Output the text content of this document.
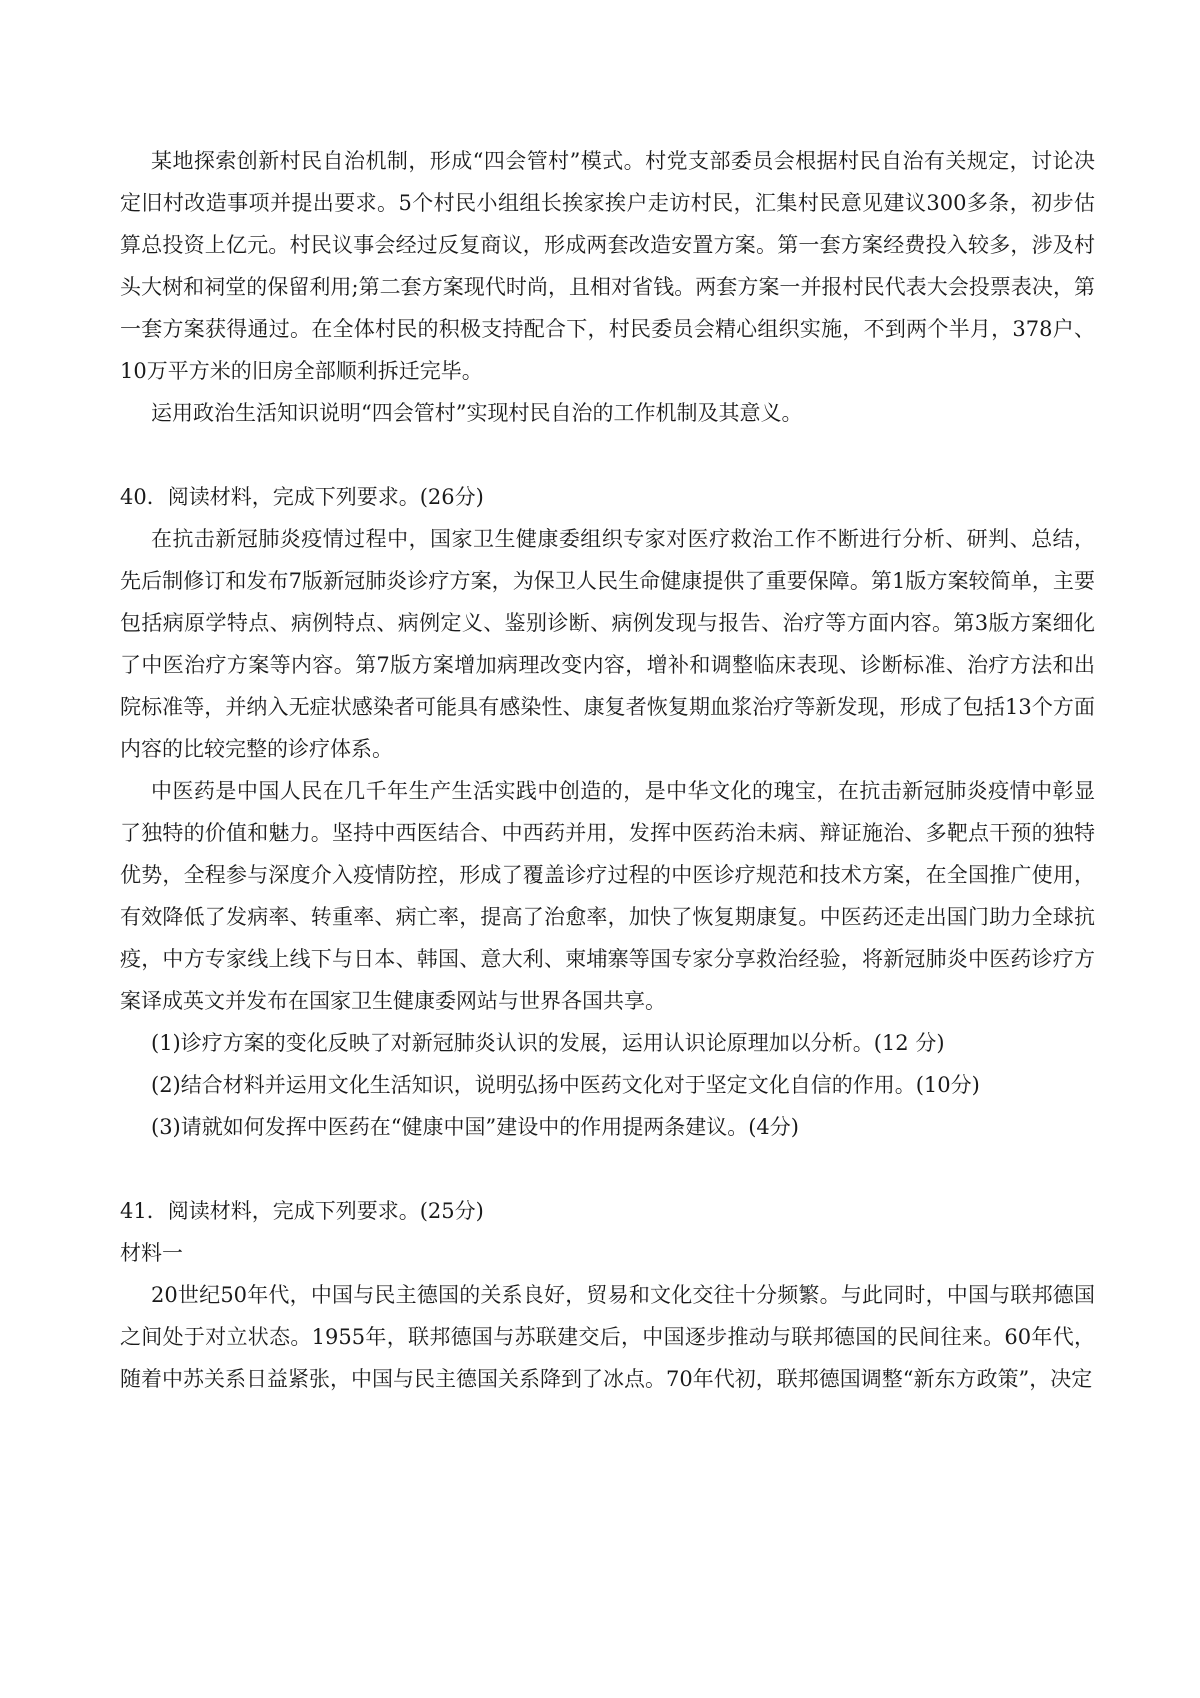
某地探索创新村民自治机制，形成“四会管村”模式。村党支部委员会根据村民自治有关规定，讨论决定旧村改造事项并提出要求。5个村民小组组长挨家挨户走访村民，汇集村民意见建议300多条，初步估算总投资上亿元。村民议事会经过反复商议，形成两套改造安置方案。第一套方案经费投入较多，涉及村头大树和祠堂的保留利用;第二套方案现代时尚，且相对省钱。两套方案一并报村民代表大会投票表决，第一套方案获得通过。在全体村民的积极支持配合下，村民委员会精心组织实施，不到两个半月，378户、10万平方米的旧房全部顺利拆迁完毕。

运用政治生活知识说明“四会管村”实现村民自治的工作机制及其意义。

40．阅读材料，完成下列要求。(26分)

在抗击新冠肺炎疫情过程中，国家卫生健康委组织专家对医疗救治工作不断进行分析、研判、总结，先后制修订和发布7版新冠肺炎诊疗方案，为保卫人民生命健康提供了重要保障。第1版方案较简单，主要包括病原学特点、病例特点、病例定义、鉴别诊断、病例发现与报告、治疗等方面内容。第3版方案细化了中医治疗方案等内容。第7版方案增加病理改变内容，增补和调整临床表现、诊断标准、治疗方法和出院标准等，并纳入无症状感染者可能具有感染性、康复者恢复期血浆治疗等新发现，形成了包括13个方面内容的比较完整的诊疗体系。

中医药是中国人民在几千年生产生活实践中创造的，是中华文化的瑰宝，在抗击新冠肺炎疫情中彰显了独特的价值和魅力。坚持中西医结合、中西药并用，发挥中医药治未病、辩证施治、多靶点干预的独特优势，全程参与深度介入疫情防控，形成了覆盖诊疗过程的中医诊疗规范和技术方案，在全国推广使用，有效降低了发病率、转重率、病亡率，提高了治愈率，加快了恢复期康复。中医药还走出国门助力全球抗疫，中方专家线上线下与日本、韩国、意大利、柬埔寨等国专家分享救治经验，将新冠肺炎中医药诊疗方案译成英文并发布在国家卫生健康委网站与世界各国共享。

(1)诊疗方案的变化反映了对新冠肺炎认识的发展，运用认识论原理加以分析。(12 分)

(2)结合材料并运用文化生活知识，说明弘扬中医药文化对于坚定文化自信的作用。(10分)

(3)请就如何发挥中医药在“健康中国”建设中的作用提两条建议。(4分)

41．阅读材料，完成下列要求。(25分)

材料一

20世纪50年代，中国与民主德国的关系良好，贸易和文化交往十分频繁。与此同时，中国与联邦德国之间处于对立状态。1955年，联邦德国与苏联建交后，中国逐步推动与联邦德国的民间往来。60年代，随着中苏关系日益紧张，中国与民主德国关系降到了冰点。70年代初，联邦德国调整“新东方政策”，决定
